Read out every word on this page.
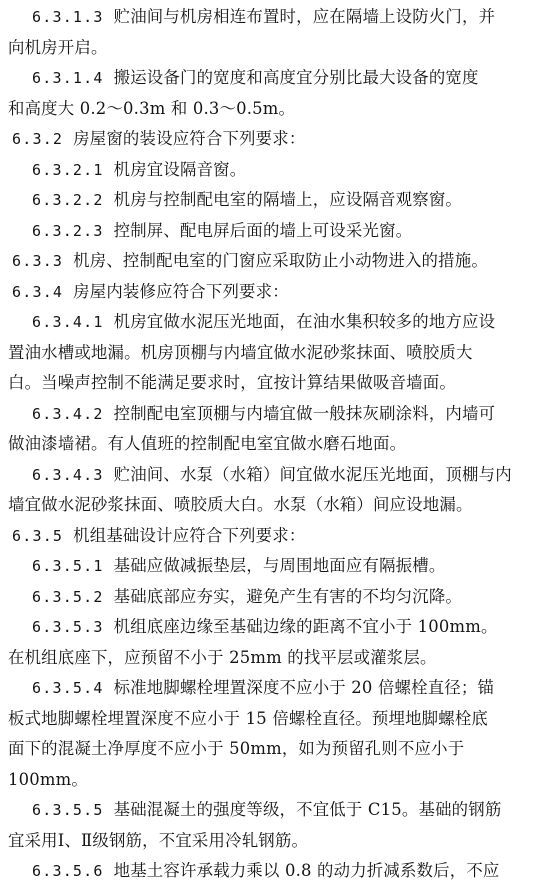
6.3.1.3 贮油间与机房相连布置时，应在隔墙上设防火门，并
向机房开启。
6.3.1.4 搬运设备门的宽度和高度宜分别比最大设备的宽度
和高度大 0.2～0.3m 和 0.3～0.5m。
6.3.2 房屋窗的装设应符合下列要求：
6.3.2.1 机房宜设隔音窗。
6.3.2.2 机房与控制配电室的隔墙上，应设隔音观察窗。
6.3.2.3 控制屏、配电屏后面的墙上可设采光窗。
6.3.3 机房、控制配电室的门窗应采取防止小动物进入的措施。
6.3.4 房屋内装修应符合下列要求：
6.3.4.1 机房宜做水泥压光地面，在油水集积较多的地方应设
置油水槽或地漏。机房顶棚与内墙宜做水泥砂浆抹面、喷胶质大
白。当噪声控制不能满足要求时，宜按计算结果做吸音墙面。
6.3.4.2 控制配电室顶棚与内墙宜做一般抹灰刷涂料，内墙可
做油漆墙裙。有人值班的控制配电室宜做水磨石地面。
6.3.4.3 贮油间、水泵（水箱）间宜做水泥压光地面，顶棚与内
墙宜做水泥砂浆抹面、喷胶质大白。水泵（水箱）间应设地漏。
6.3.5 机组基础设计应符合下列要求：
6.3.5.1 基础应做减振垫层，与周围地面应有隔振槽。
6.3.5.2 基础底部应夯实，避免产生有害的不均匀沉降。
6.3.5.3 机组底座边缘至基础边缘的距离不宜小于 100mm。
在机组底座下，应预留不小于 25mm 的找平层或灌浆层。
6.3.5.4 标准地脚螺栓埋置深度不应小于 20 倍螺栓直径；锚
板式地脚螺栓埋置深度不应小于 15 倍螺栓直径。预埋地脚螺栓底
面下的混凝土净厚度不应小于 50mm，如为预留孔则不应小于
100mm。
6.3.5.5 基础混凝土的强度等级，不宜低于 C15。基础的钢筋
宜采用Ⅰ、Ⅱ级钢筋，不宜采用冷轧钢筋。
6.3.5.6 地基土容许承载力乘以 0.8 的动力折减系数后，不应
